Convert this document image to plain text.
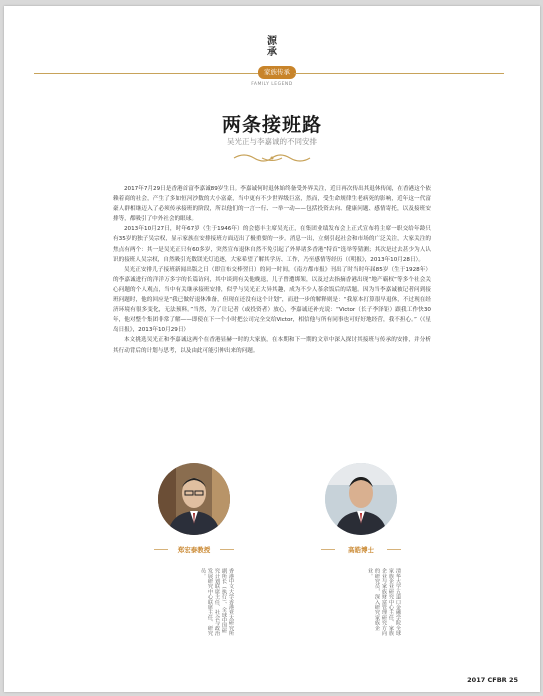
源
承
家族传承
FAMILY LEGEND
两条接班路
吴光正与李嘉诚的不同安排

2017年7月29日是香港首富李嘉诚89岁生日。李嘉诚何时退休始终备受外界关注，近日再次传出其退休传闻，在香港这个依赖着商的社会，产生了多如恒河沙数的大小富豪，当中更有不少世界级巨富，然而，受生命规律生老病死的影响，近年这一代富豪人群相继迈入了必须传承接班的阶段，所以他们的一言一行、一举一动——包括投资去向、健康问题、感情寄托，以及接班安排等，都吸引了中外社会的眼球。

2013年10月27日，时年67岁（生于1946年）的会德丰主席吴光正，在集团业绩发布会上正式宣布将主席一职交给年龄只有35岁的独子吴宗权，显示家族在安排接班方面迈出了极重要的一步。消息一出，立刻引起社会和市场的广泛关注，大家关注的焦点有两个：其一是吴光正只有60多岁，突然宣布退休自然不免引起了外界诸多香港“特首”选举等猜测；其次是过去甚少为人认识的接班人吴宗权，自然吸引光数镁光灯追逐，大家希望了解其学历、工作，乃至感情等经历（《明报》，2013年10月28日）。

吴光正安排儿子接班新闻出版之日（即宣布交棒翌日）的同一时间，《南方都市报》刊出了时当时年届85岁（生于1928年）的李嘉诚进行的洋洋万多字的长篇访问，其中谈到有关他晚退，儿子曾遭绑架，以及过去指摘香港出现“地产霸权”等多个社会关心问题的个人观点，当中有关继承接班安排，似乎与吴光正大异其趣，成为不少人茶余饭后的话题。因为当李嘉诚被记者问到接班问题时，他的回应是“我已做好退休准备，但现在还没有这个计划”，而进一步的解释则是：“我原本打算很早退休，不过现在经济环境有很多变化，无法预料。”当然，为了让记者（或投资者）放心，李嘉诚还补充说：“Victor（长子李泽钜）跟我工作快30年，他对整个集团非常了解——即使在下一个小时把公司完全交给Victor，相信他与所有同事也可好好地经营，我不担心。”（《星岛日报》，2013年10月29日）

本文挑选吴光正和李嘉诚这两个在香港显赫一时的大家族，在本期和下一期的文章中深入探讨其接班与传承的安排，并分析其行动背后的计划与思考，以及由此可能引伸出来的问题。

郑宏泰教授	高皓博士
香港中文大学香港亚太研究所副所长（执行）、全球中国研究计划联席主任、社会与政治发展研究中心联席主任、研究员。	清华大学五道口金融学院全球家族企业研究中心主任、家族企业与家族财富管理研究方向的研究员，深入研究家族企业。
2017 CFBR 25
